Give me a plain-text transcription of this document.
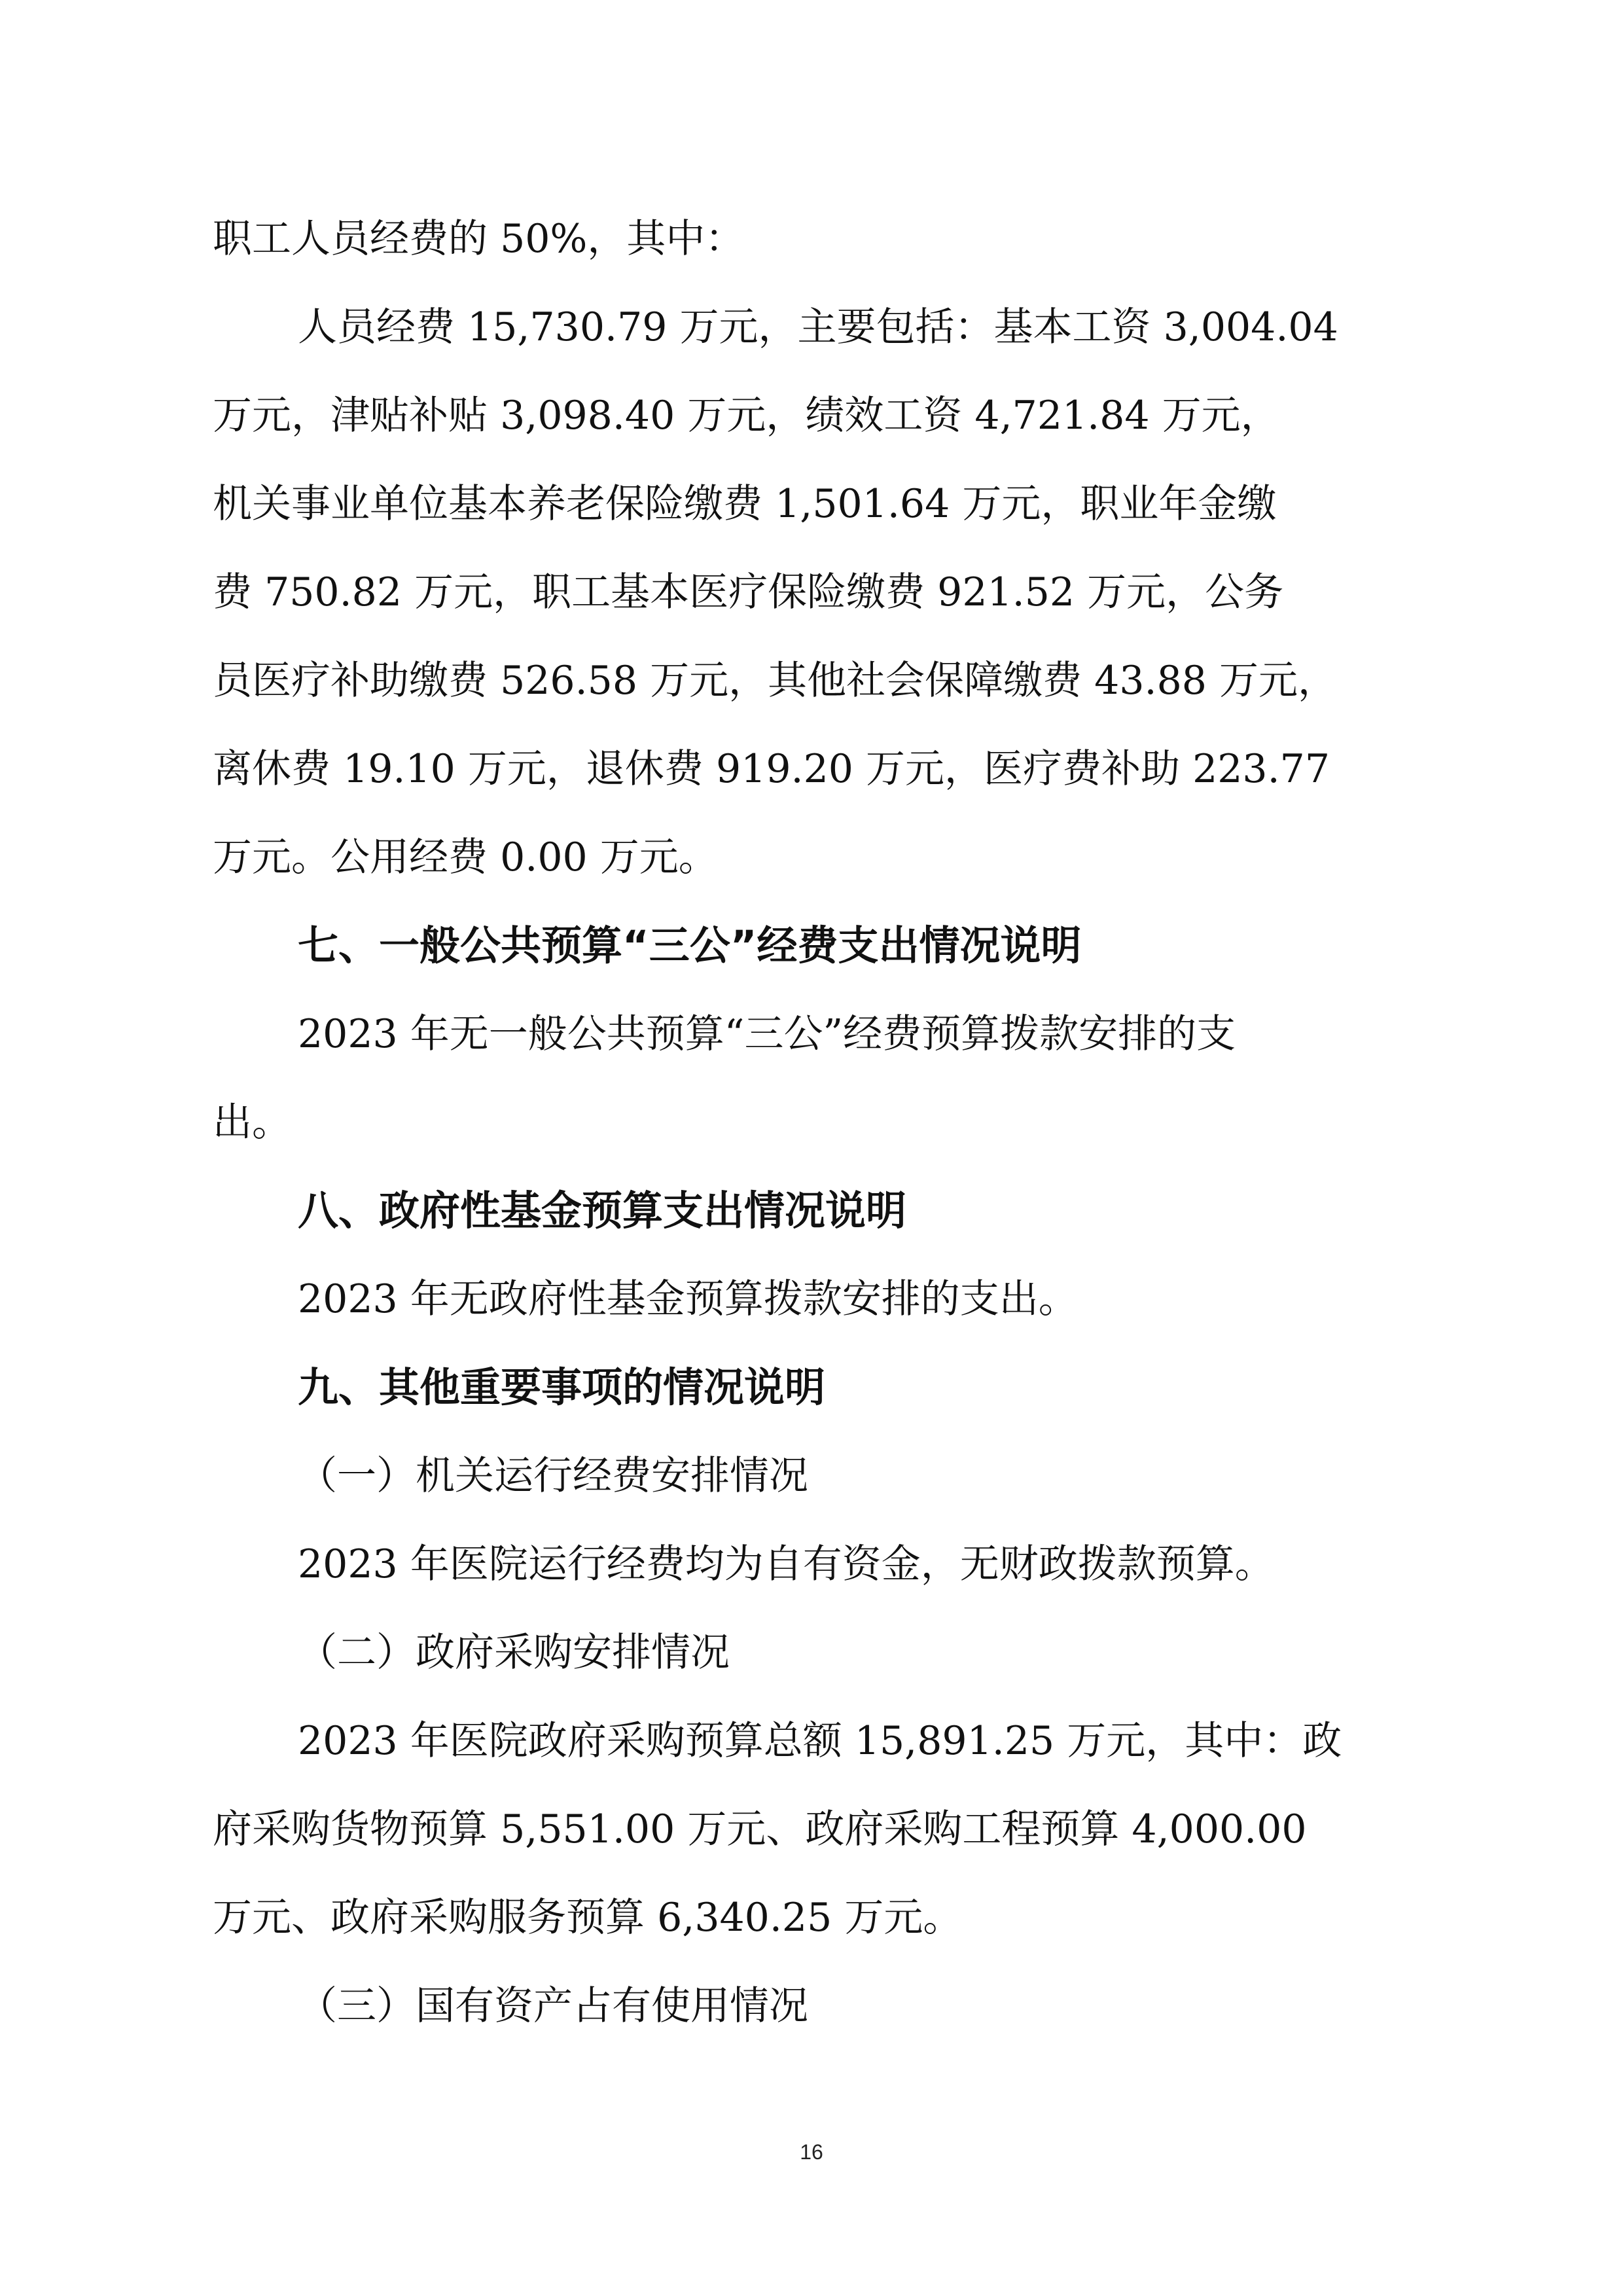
职工人员经费的 50%，其中：

人员经费 15,730.79 万元，主要包括：基本工资 3,004.04

万元，津贴补贴 3,098.40 万元，绩效工资 4,721.84 万元，

机关事业单位基本养老保险缴费 1,501.64 万元，职业年金缴

费 750.82 万元，职工基本医疗保险缴费 921.52 万元，公务

员医疗补助缴费 526.58 万元，其他社会保障缴费 43.88 万元，

离休费 19.10 万元，退休费 919.20 万元，医疗费补助 223.77

万元。公用经费 0.00 万元。

七、一般公共预算“三公”经费支出情况说明

2023 年无一般公共预算“三公”经费预算拨款安排的支

出。

八、政府性基金预算支出情况说明

2023 年无政府性基金预算拨款安排的支出。

九、其他重要事项的情况说明

（一）机关运行经费安排情况

2023 年医院运行经费均为自有资金，无财政拨款预算。

（二）政府采购安排情况

2023 年医院政府采购预算总额 15,891.25 万元，其中：政

府采购货物预算 5,551.00 万元、政府采购工程预算 4,000.00

万元、政府采购服务预算 6,340.25 万元。

（三）国有资产占有使用情况

16
